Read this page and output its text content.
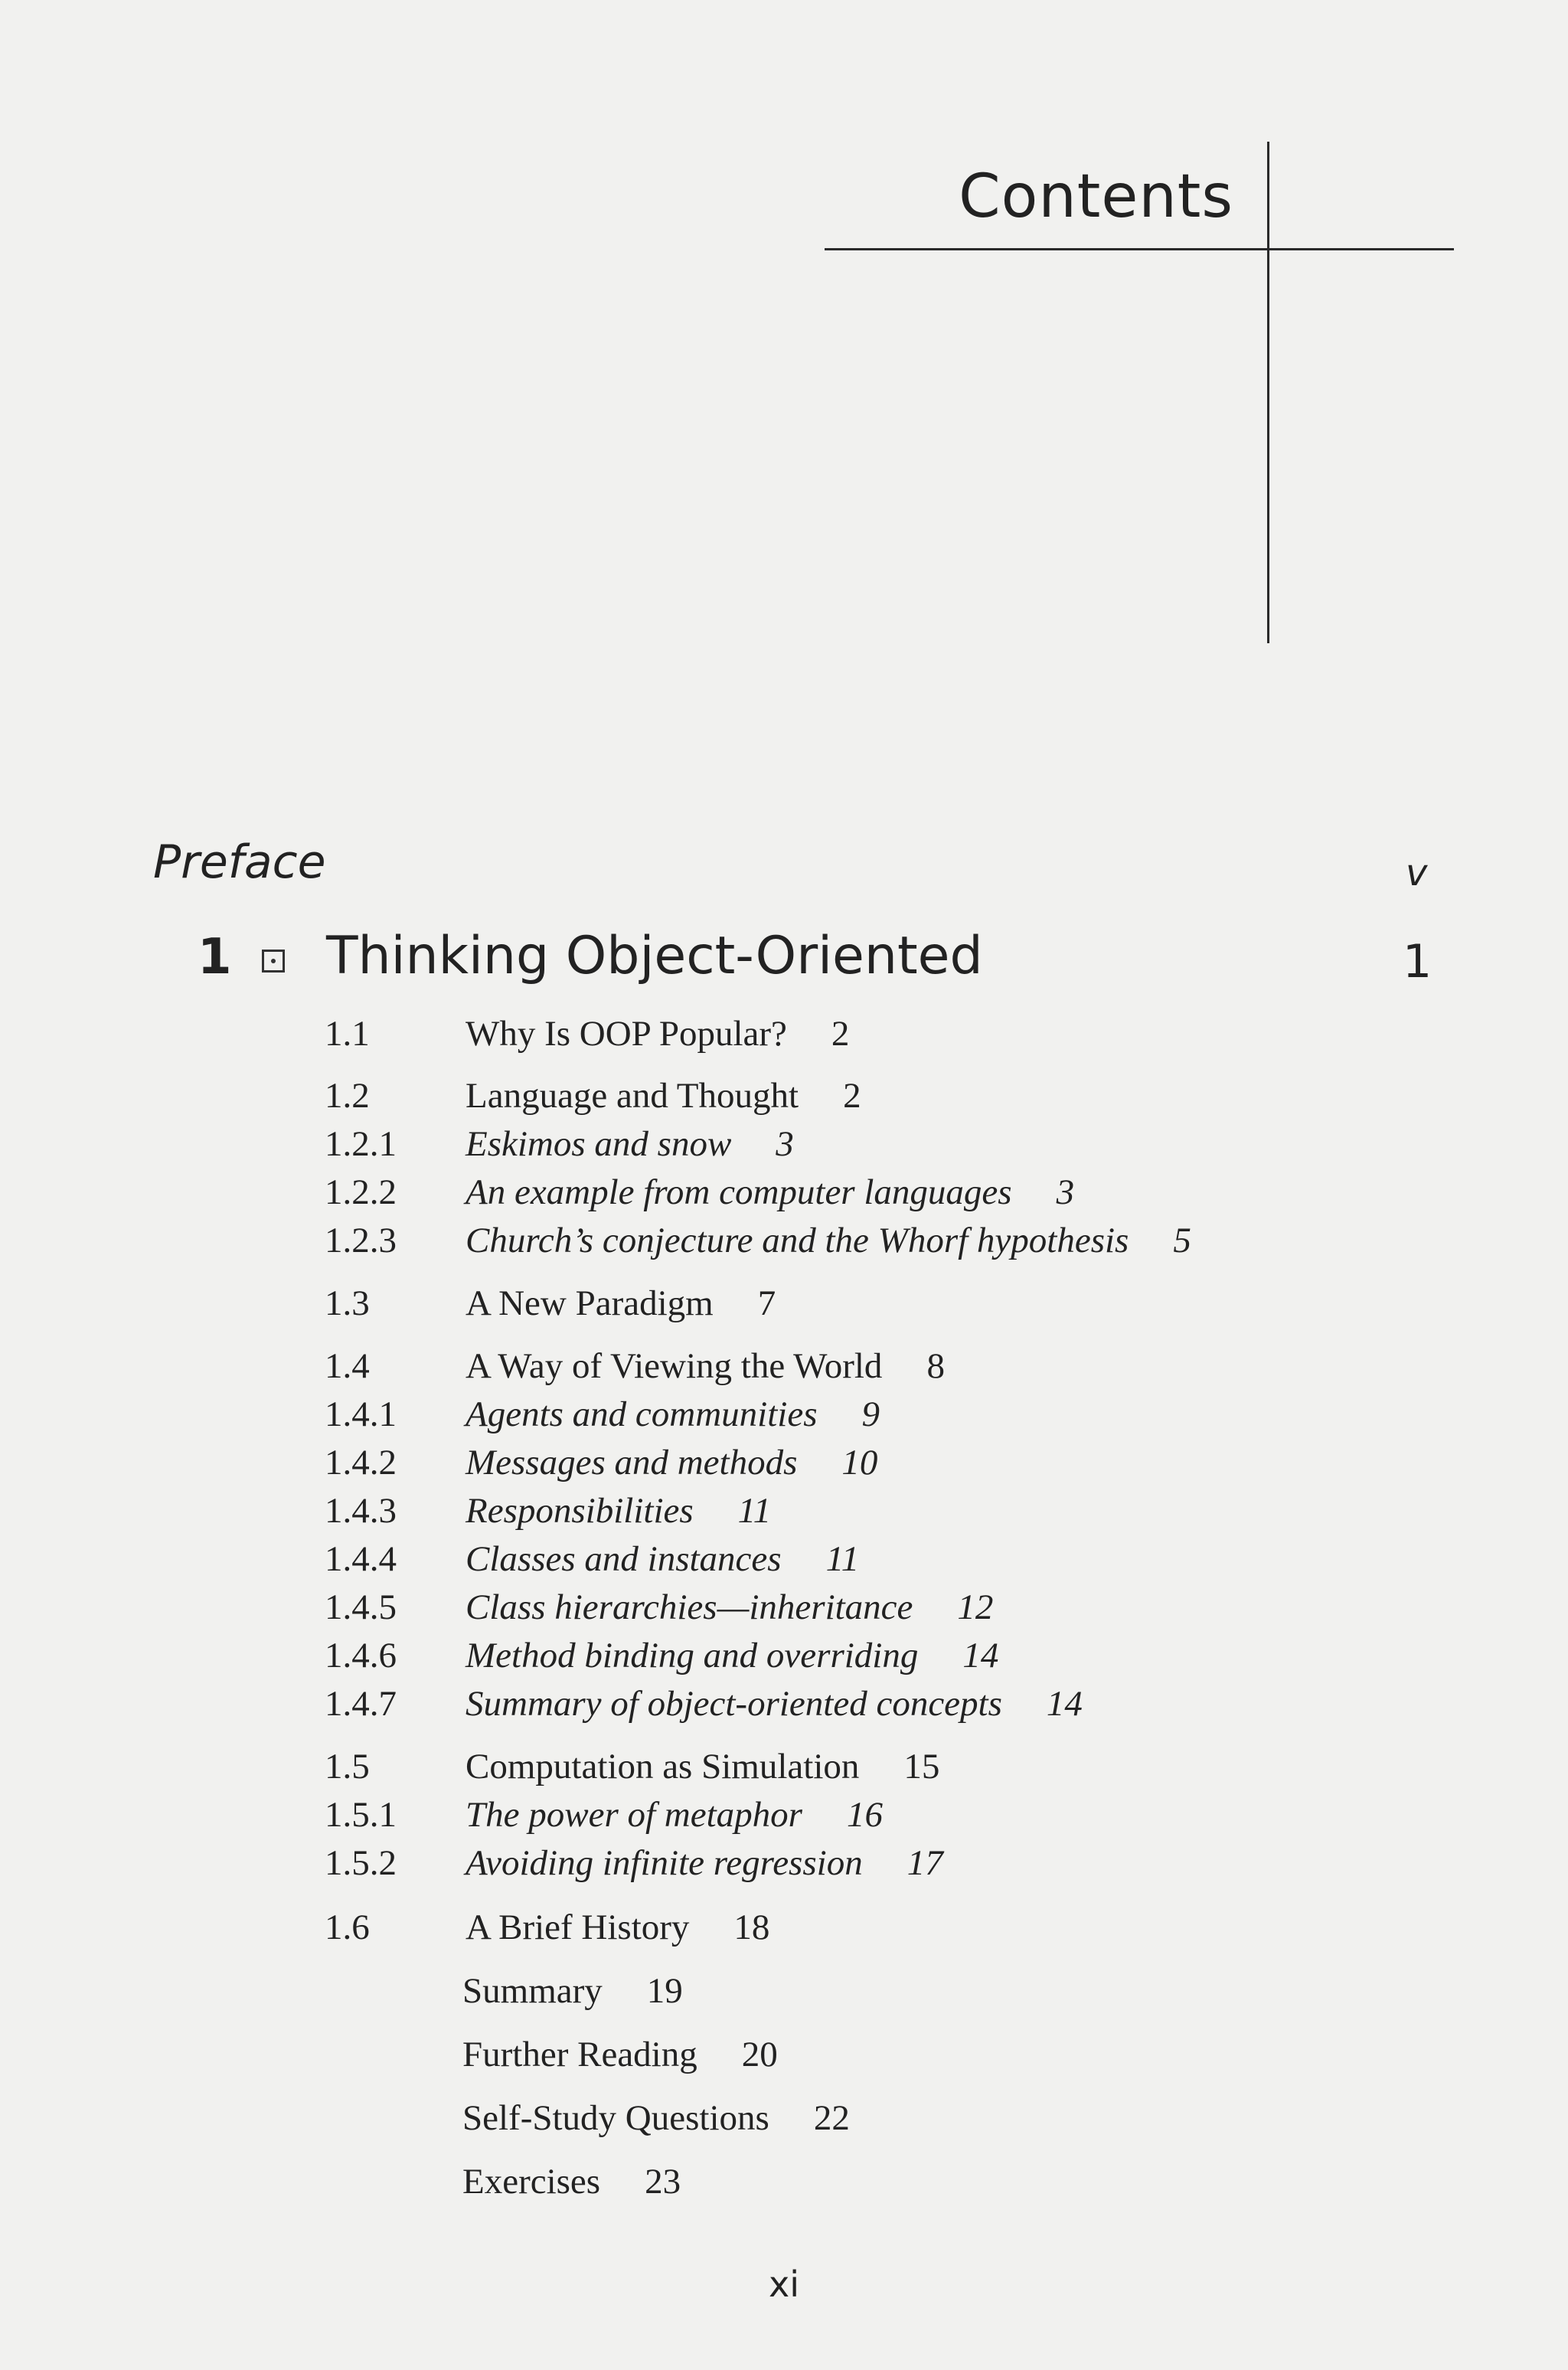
Contents
Preface	v
1 Thinking Object-Oriented	1
1.1	Why Is OOP Popular? 2
1.2	Language and Thought 2
1.2.1 Eskimos and snow 3
1.2.2 An example from computer languages 3
1.2.3 Church’s conjecture and the Whorf hypothesis 5
1.3	A New Paradigm 7
1.4	A Way of Viewing the World 8
1.4.1 Agents and communities 9
1.4.2 Messages and methods 10
1.4.3 Responsibilities 11
1.4.4 Classes and instances 11
1.4.5 Class hierarchies—inheritance 12
1.4.6 Method binding and overriding 14
1.4.7 Summary of object-oriented concepts 14
1.5	Computation as Simulation 15
1.5.1 The power of metaphor 16
1.5.2 Avoiding infinite regression 17
1.6	A Brief History 18
Summary 19
Further Reading 20
Self-Study Questions 22
Exercises 23
xi
